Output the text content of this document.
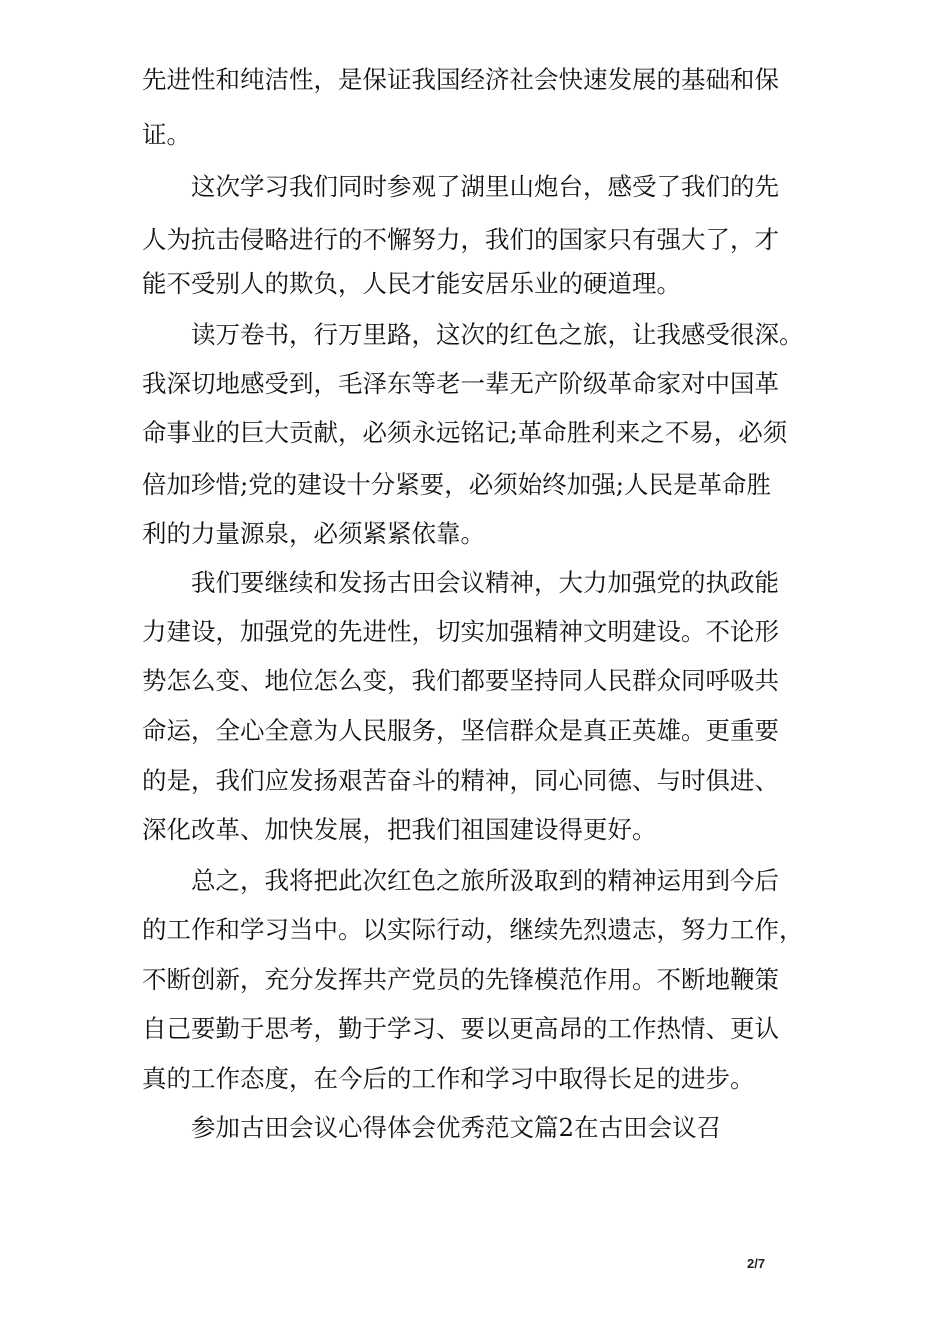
先进性和纯洁性，是保证我国经济社会快速发展的基础和保
证。
这次学习我们同时参观了湖里山炮台，感受了我们的先
人为抗击侵略进行的不懈努力，我们的国家只有强大了，才
能不受别人的欺负，人民才能安居乐业的硬道理。
读万卷书，行万里路，这次的红色之旅，让我感受很深。
我深切地感受到，毛泽东等老一辈无产阶级革命家对中国革
命事业的巨大贡献，必须永远铭记;革命胜利来之不易，必须
倍加珍惜;党的建设十分紧要，必须始终加强;人民是革命胜
利的力量源泉，必须紧紧依靠。
我们要继续和发扬古田会议精神，大力加强党的执政能
力建设，加强党的先进性，切实加强精神文明建设。不论形
势怎么变、地位怎么变，我们都要坚持同人民群众同呼吸共
命运，全心全意为人民服务，坚信群众是真正英雄。更重要
的是，我们应发扬艰苦奋斗的精神，同心同德、与时俱进、
深化改革、加快发展，把我们祖国建设得更好。
总之，我将把此次红色之旅所汲取到的精神运用到今后
的工作和学习当中。以实际行动，继续先烈遗志，努力工作，
不断创新，充分发挥共产党员的先锋模范作用。不断地鞭策
自己要勤于思考，勤于学习、要以更高昂的工作热情、更认
真的工作态度，在今后的工作和学习中取得长足的进步。
参加古田会议心得体会优秀范文篇2在古田会议召
2/7
